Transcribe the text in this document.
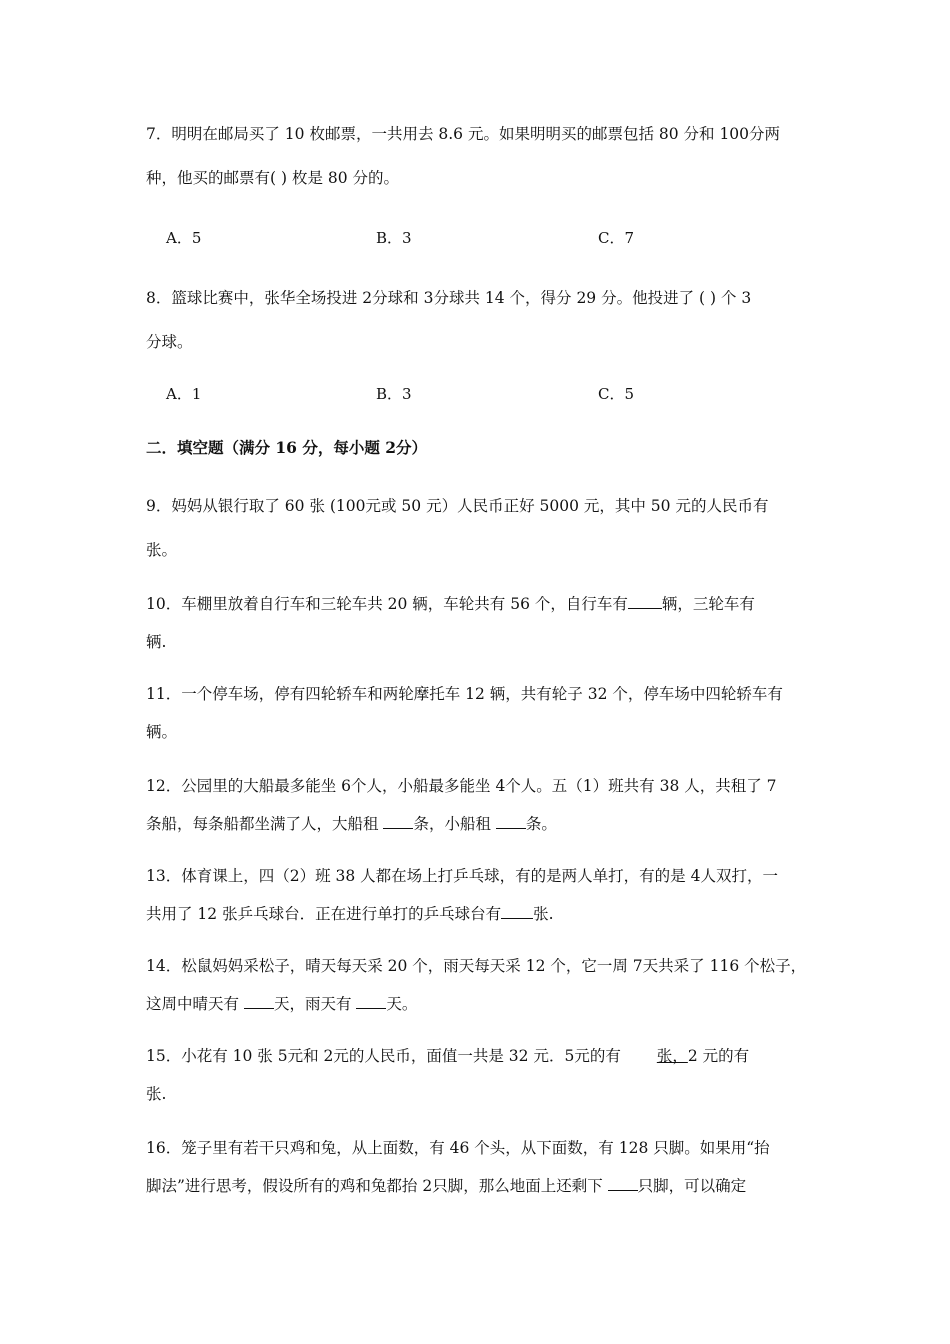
7．明明在邮局买了 10 枚邮票，一共用去 8.6 元。如果明明买的邮票包括 80 分和 100分两
种，他买的邮票有( ) 枚是 80 分的。
A．5	B．3	C．7
8．篮球比赛中，张华全场投进 2分球和 3分球共 14 个，得分 29 分。他投进了 ( ) 个 3
分球。
A．1	B．3	C．5
二．填空题（满分 16 分，每小题 2分）
9．妈妈从银行取了 60 张 (100元或 50 元）人民币正好 5000 元，其中 50 元的人民币有
张。
10．车棚里放着自行车和三轮车共 20 辆，车轮共有 56 个，自行车有 辆，三轮车有
辆.
11．一个停车场，停有四轮轿车和两轮摩托车 12 辆，共有轮子 32 个，停车场中四轮轿车有
辆。
12．公园里的大船最多能坐 6个人，小船最多能坐 4个人。五（1）班共有 38 人，共租了 7
条船，每条船都坐满了人，大船租 条，小船租 条。
13．体育课上，四（2）班 38 人都在场上打乒乓球，有的是两人单打，有的是 4人双打，一
共用了 12 张乒乓球台．正在进行单打的乒乓球台有 张.
14．松鼠妈妈采松子，晴天每天采 20 个，雨天每天采 12 个，它一周 7天共采了 116 个松子，
这周中晴天有 天，雨天有 天。
15．小花有 10 张 5元和 2元的人民币，面值一共是 32 元．5元的有 张，2 元的有
张.
16．笼子里有若干只鸡和兔，从上面数，有 46 个头，从下面数，有 128 只脚。如果用“抬
脚法”进行思考，假设所有的鸡和兔都抬 2只脚，那么地面上还剩下 只脚，可以确定
